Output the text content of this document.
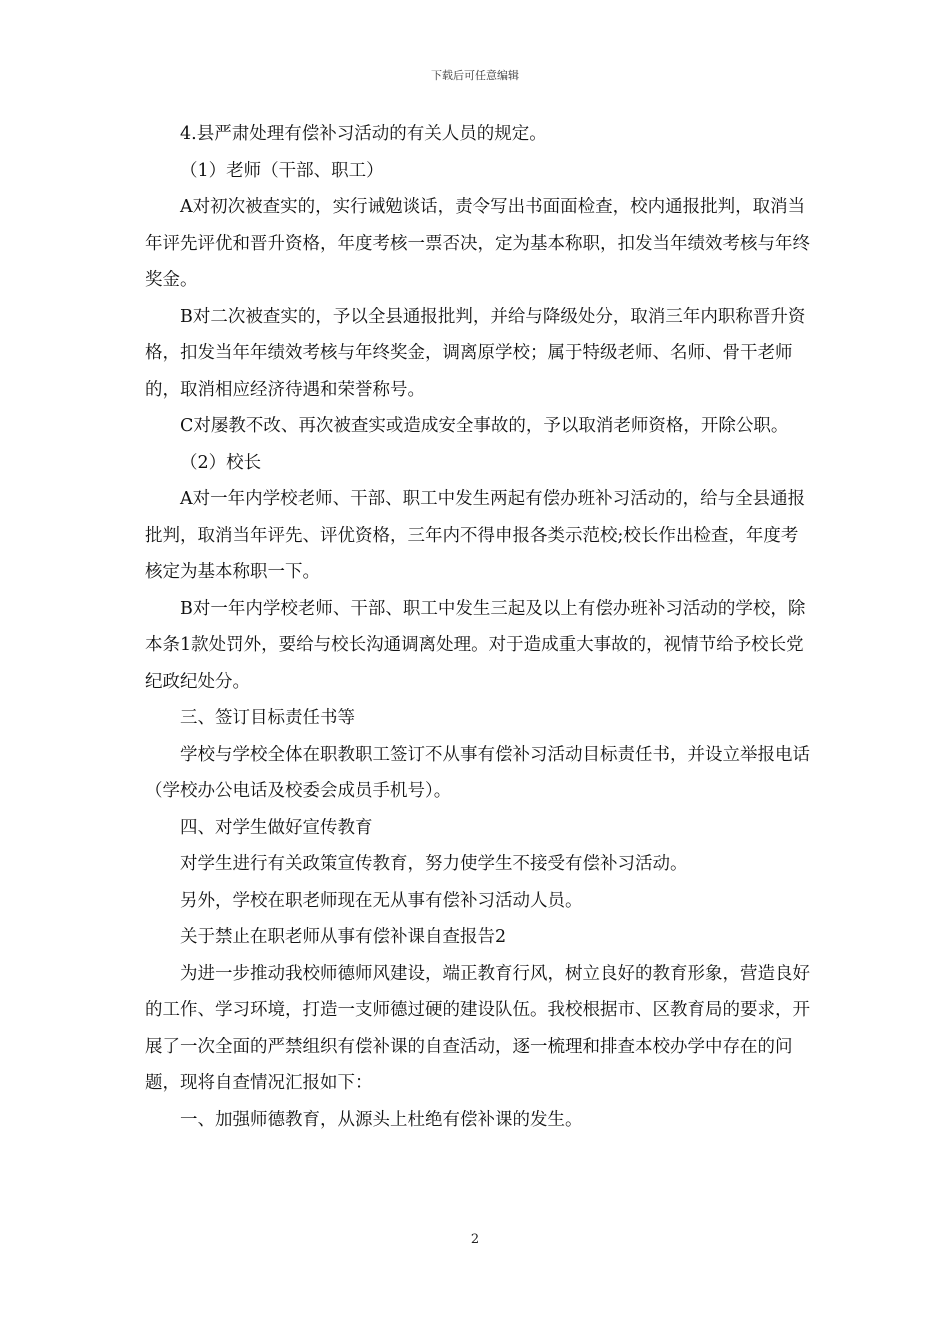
下载后可任意编辑

4.县严肃处理有偿补习活动的有关人员的规定。

（1）老师（干部、职工）

A对初次被查实的，实行诫勉谈话，责令写出书面面检查，校内通报批判，取消当年评先评优和晋升资格，年度考核一票否决，定为基本称职，扣发当年绩效考核与年终奖金。

B对二次被查实的，予以全县通报批判，并给与降级处分，取消三年内职称晋升资格，扣发当年年绩效考核与年终奖金，调离原学校；属于特级老师、名师、骨干老师的，取消相应经济待遇和荣誉称号。

C对屡教不改、再次被查实或造成安全事故的，予以取消老师资格，开除公职。

（2）校长

A对一年内学校老师、干部、职工中发生两起有偿办班补习活动的，给与全县通报批判，取消当年评先、评优资格，三年内不得申报各类示范校;校长作出检查，年度考核定为基本称职一下。

B对一年内学校老师、干部、职工中发生三起及以上有偿办班补习活动的学校，除本条1款处罚外，要给与校长沟通调离处理。对于造成重大事故的，视情节给予校长党纪政纪处分。

三、签订目标责任书等

学校与学校全体在职教职工签订不从事有偿补习活动目标责任书，并设立举报电话（学校办公电话及校委会成员手机号）。

四、对学生做好宣传教育

对学生进行有关政策宣传教育，努力使学生不接受有偿补习活动。

另外，学校在职老师现在无从事有偿补习活动人员。

关于禁止在职老师从事有偿补课自查报告2

为进一步推动我校师德师风建设，端正教育行风，树立良好的教育形象，营造良好的工作、学习环境，打造一支师德过硬的建设队伍。我校根据市、区教育局的要求，开展了一次全面的严禁组织有偿补课的自查活动，逐一梳理和排查本校办学中存在的问题，现将自查情况汇报如下：

一、加强师德教育，从源头上杜绝有偿补课的发生。

2
